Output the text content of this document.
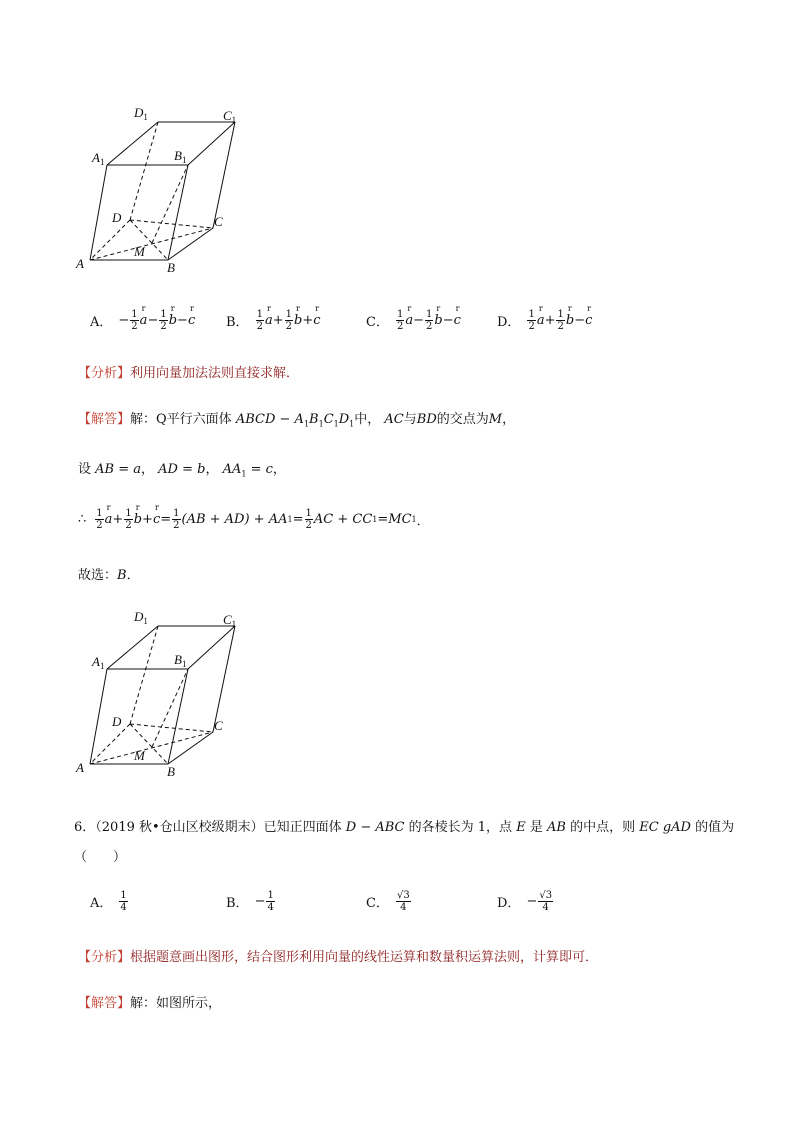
$D_1$	$C_1$
$A_1$	$B_1$
D	C
A	B
M
A． − $\frac{1}{2}$ r $a - \frac{1}{2}$ r b − r c B． $\frac{1}{2}$ r $a + \frac{1}{2}$ r b + r c	C． $\frac{1}{2}$ r $a - \frac{1}{2}$ r b − r c	D． $\frac{1}{2}$ r $a + \frac{1}{2}$ r b − r c
【分析】利用向量加法法则直接求解．
【解答】解：Q平行六面体 ABCD − $A_1B_1C_1D_1$中， AC与BD的交点为M，
设 AB = a， AD = b， $AA_1 = c$，
∴ $\frac{1}{2}$ r $a + \frac{1}{2}$ r b + r $c = \frac{1}{2} (AB + AD)$ + AA $1 = \frac{1}{2}$ AC + CC 1 = MC 1 ．
故选：B．
$D_1$	$C_1$
$A_1$	$B_1$
D	C
A	B
M
6．（2019 秋•仓山区校级期末）已知正四面体 D − ABC 的各棱长为 1，点 E 是 AB 的中点，则 EC gAD 的值为
（　　）
A． $\frac{1}{4}$	B． − $\frac{1}{4}$	C． $\frac{√3}{4}$	D． − $\frac{√3}{4}$
【分析】根据题意画出图形，结合图形利用向量的线性运算和数量积运算法则，计算即可．
【解答】解：如图所示，
